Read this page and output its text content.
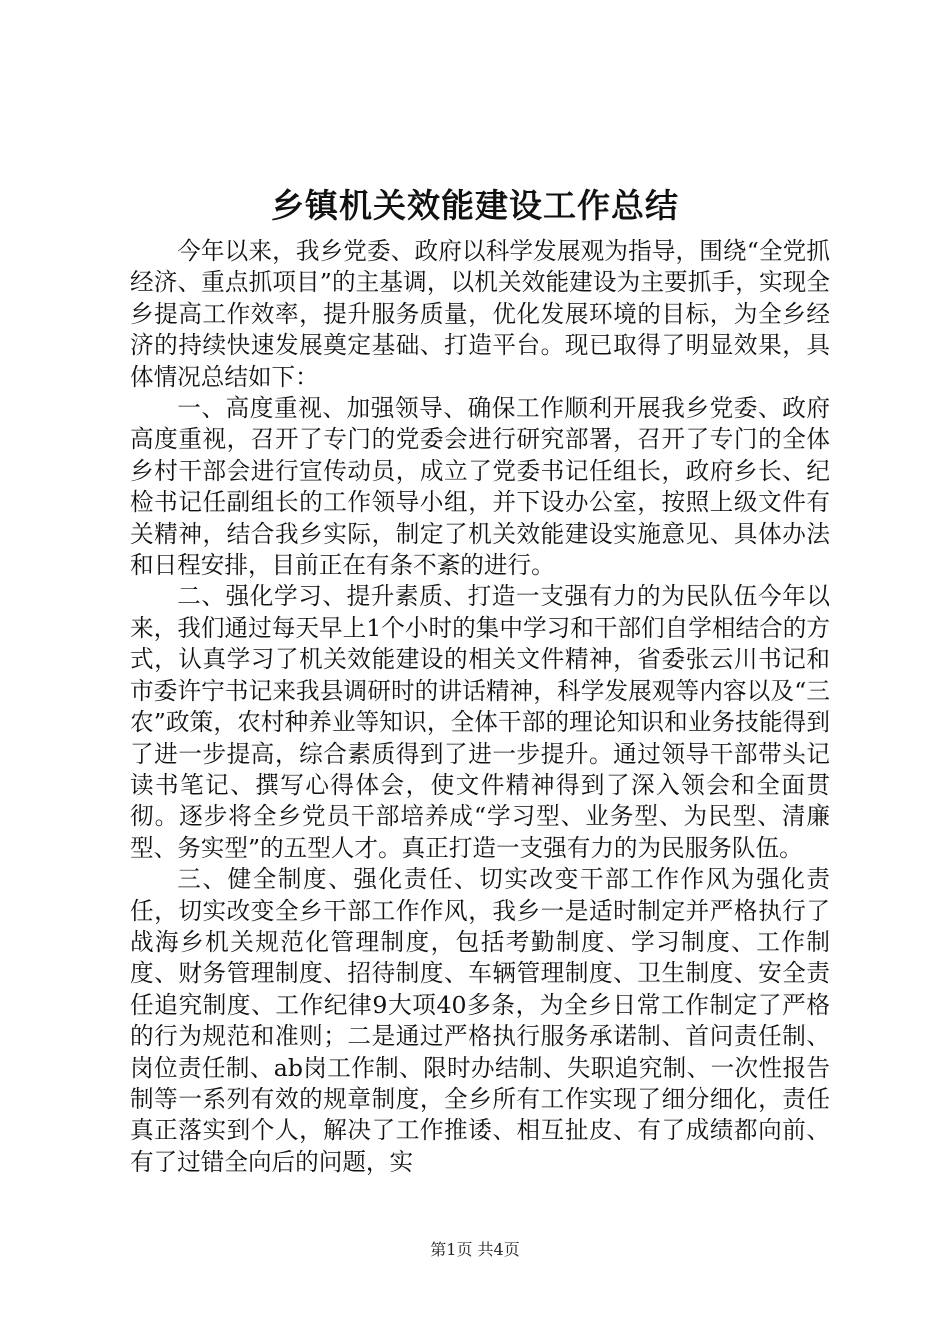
乡镇机关效能建设工作总结

今年以来，我乡党委、政府以科学发展观为指导，围绕“全党抓经济、重点抓项目”的主基调，以机关效能建设为主要抓手，实现全乡提高工作效率，提升服务质量，优化发展环境的目标，为全乡经济的持续快速发展奠定基础、打造平台。现已取得了明显效果，具体情况总结如下：

一、高度重视、加强领导、确保工作顺利开展我乡党委、政府高度重视，召开了专门的党委会进行研究部署，召开了专门的全体乡村干部会进行宣传动员，成立了党委书记任组长，政府乡长、纪检书记任副组长的工作领导小组，并下设办公室，按照上级文件有关精神，结合我乡实际，制定了机关效能建设实施意见、具体办法和日程安排，目前正在有条不紊的进行。

二、强化学习、提升素质、打造一支强有力的为民队伍今年以来，我们通过每天早上1个小时的集中学习和干部们自学相结合的方式，认真学习了机关效能建设的相关文件精神，省委张云川书记和市委许宁书记来我县调研时的讲话精神，科学发展观等内容以及“三农”政策，农村种养业等知识，全体干部的理论知识和业务技能得到了进一步提高，综合素质得到了进一步提升。通过领导干部带头记读书笔记、撰写心得体会，使文件精神得到了深入领会和全面贯彻。逐步将全乡党员干部培养成“学习型、业务型、为民型、清廉型、务实型”的五型人才。真正打造一支强有力的为民服务队伍。

三、健全制度、强化责任、切实改变干部工作作风为强化责任，切实改变全乡干部工作作风，我乡一是适时制定并严格执行了战海乡机关规范化管理制度，包括考勤制度、学习制度、工作制度、财务管理制度、招待制度、车辆管理制度、卫生制度、安全责任追究制度、工作纪律9大项40多条，为全乡日常工作制定了严格的行为规范和准则；二是通过严格执行服务承诺制、首问责任制、岗位责任制、ab岗工作制、限时办结制、失职追究制、一次性报告制等一系列有效的规章制度，全乡所有工作实现了细分细化，责任真正落实到个人，解决了工作推诿、相互扯皮、有了成绩都向前、有了过错全向后的问题，实

第1页 共4页
